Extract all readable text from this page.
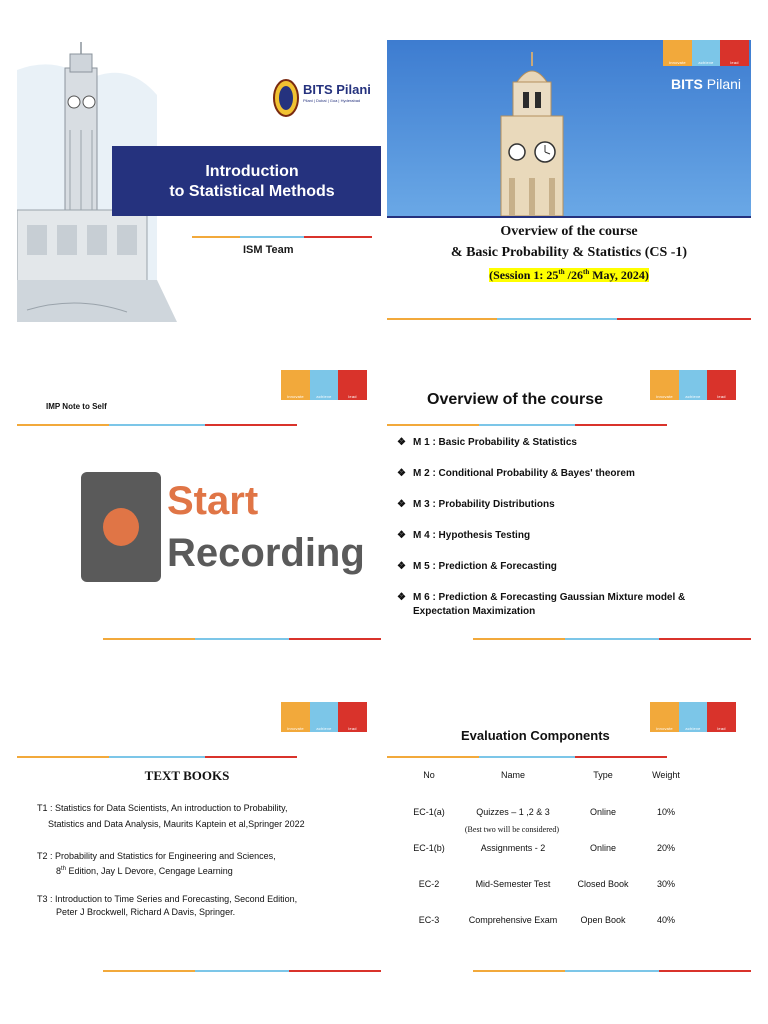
BITS Pilani
Pilani | Dubai | Goa | Hyderabad
Introduction
to Statistical Methods
ISM Team
innovate	achieve	lead
BITS Pilani
Overview of the course
& Basic Probability & Statistics (CS -1)
(Session 1: 25th /26th May, 2024)
innovate	achieve	lead
IMP Note to Self
Start
Recording
innovate	achieve	lead
Overview of the course
❖ M 1 : Basic Probability & Statistics
❖ M 2 : Conditional Probability & Bayes' theorem
❖ M 3 : Probability Distributions
❖ M 4 : Hypothesis Testing
❖ M 5 : Prediction & Forecasting
❖ M 6 : Prediction & Forecasting Gaussian Mixture model & Expectation Maximization
innovate	achieve	lead
TEXT BOOKS
T1 : Statistics for Data Scientists, An introduction to Probability,
Statistics and Data Analysis, Maurits Kaptein et al,Springer 2022
T2 : Probability and Statistics for Engineering and Sciences,
8th Edition, Jay L Devore, Cengage Learning
T3 : Introduction to Time Series and Forecasting, Second Edition,
Peter J Brockwell, Richard A Davis, Springer.
innovate	achieve	lead
Evaluation Components
No	Name	Type	Weight
EC-1(a)	Quizzes – 1 ,2 & 3	Online	10%
(Best two will be considered)
EC-1(b)	Assignments - 2	Online	20%
EC-2	Mid-Semester Test	Closed Book	30%
EC-3	Comprehensive Exam	Open Book	40%
